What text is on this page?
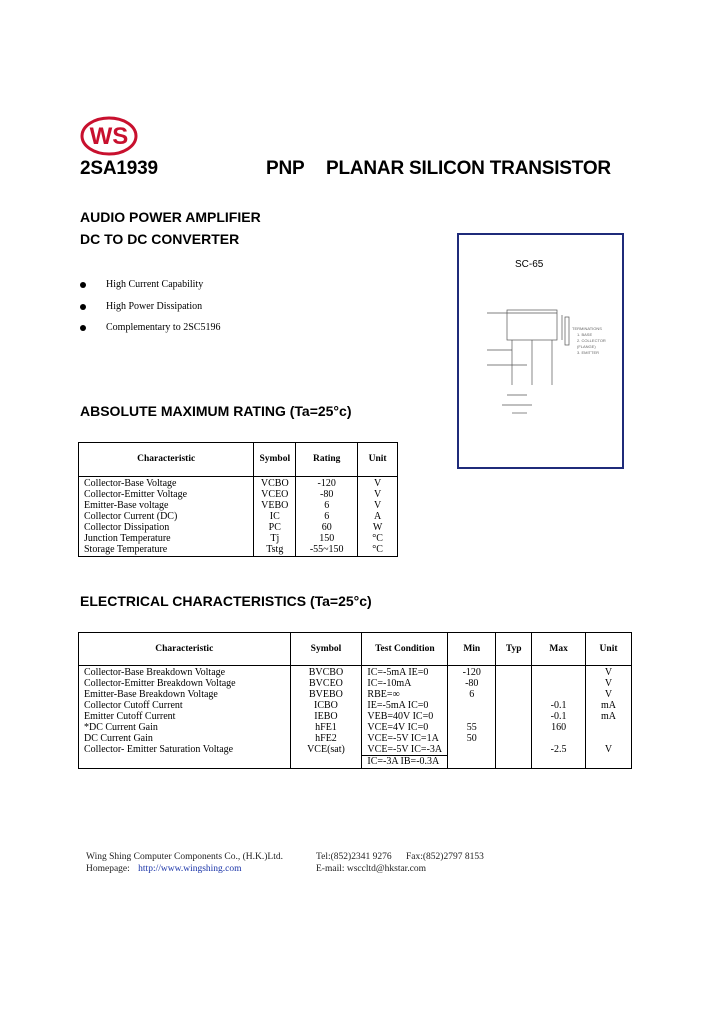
WS
2SA1939	PNP PLANAR SILICON TRANSISTOR
AUDIO POWER AMPLIFIER
DC TO DC CONVERTER
High Current Capability
High Power Dissipation
Complementary to 2SC5196
SC-65
TERMINATIONS
1. BASE
2. COLLECTOR
(FLANGE)
3. EMITTER
ABSOLUTE MAXIMUM RATING (Ta=25°c)
Characteristic	Symbol	Rating	Unit
Collector-Base Voltage	VCBO	-120	V
Collector-Emitter Voltage	VCEO	-80	V
Emitter-Base voltage	VEBO	6	V
Collector Current (DC)	IC	6	A
Collector Dissipation	PC	60	W
Junction Temperature	Tj	150	°C
Storage Temperature	Tstg	-55~150	°C
ELECTRICAL CHARACTERISTICS (Ta=25°c)
Characteristic	Symbol	Test Condition	Min	Typ	Max	Unit
Collector-Base Breakdown Voltage	BVCBO	IC=-5mA IE=0	-120			V
Collector-Emitter Breakdown Voltage	BVCEO	IC=-10mA	-80			V
Emitter-Base Breakdown Voltage	BVEBO	RBE=∞	6			V
Collector Cutoff Current	ICBO	IE=-5mA IC=0			-0.1	mA
Emitter Cutoff Current	IEBO	VEB=40V IC=0			-0.1	mA
*DC Current Gain	hFE1	VCE=4V IC=0	55		160	
DC Current Gain	hFE2	VCE=-5V IC=1A	50			
Collector- Emitter Saturation Voltage	VCE(sat)	VCE=-5V IC=-3A			-2.5	V
		IC=-3A IB=-0.3A				
Wing Shing Computer Components Co., (H.K.)Ltd.
Homepage: http://www.wingshing.com
Tel:(852)2341 9276 Fax:(852)2797 8153
E-mail: wsccltd@hkstar.com
